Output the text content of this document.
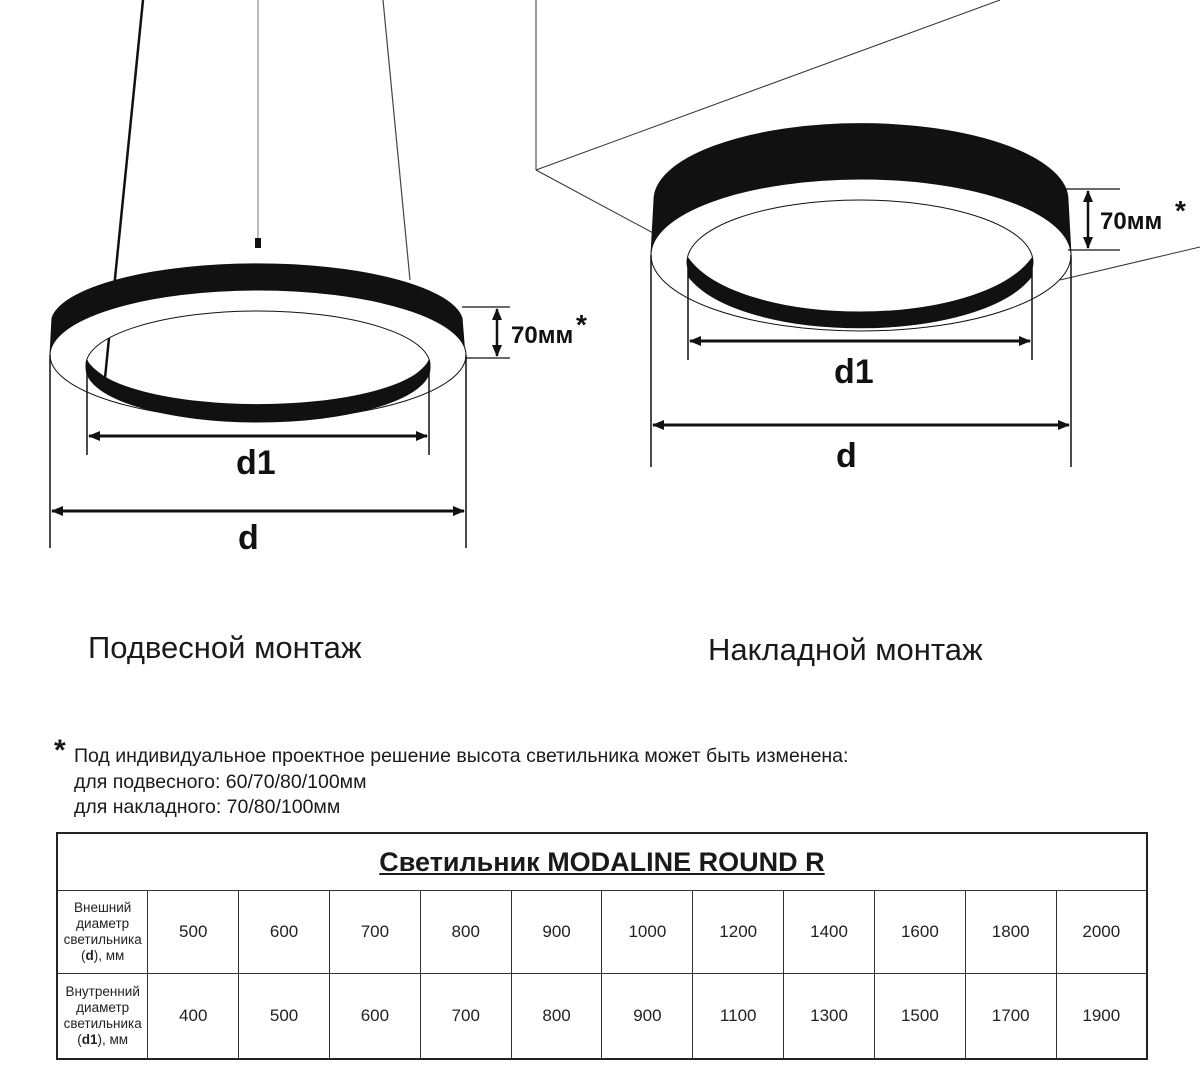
70мм *
d1
d
70мм *
d1
d
Подвесной монтаж	Накладной монтаж
* Под индивидуальное проектное решение высота светильника может быть изменена:
для подвесного: 60/70/80/100мм
для накладного: 70/80/100мм
Светильник MODALINE ROUND R											
Внешний диаметр светильника (d), мм	500	600	700	800	900	1000	1200	1400	1600	1800	2000
Внутренний диаметр светильника (d1), мм	400	500	600	700	800	900	1100	1300	1500	1700	1900
